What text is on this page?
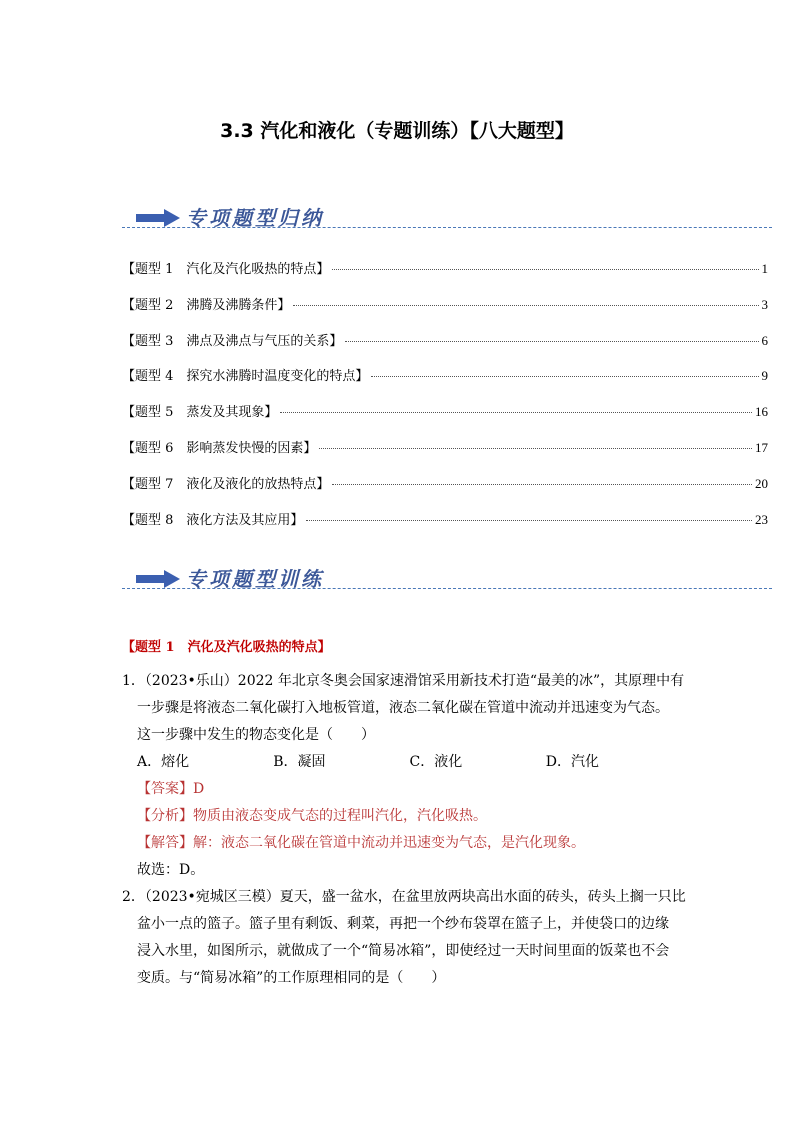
3.3 汽化和液化（专题训练）【八大题型】
专项题型归纳
【题型 1　汽化及汽化吸热的特点】	1
【题型 2　沸腾及沸腾条件】	3
【题型 3　沸点及沸点与气压的关系】	6
【题型 4　探究水沸腾时温度变化的特点】	9
【题型 5　蒸发及其现象】	16
【题型 6　影响蒸发快慢的因素】	17
【题型 7　液化及液化的放热特点】	20
【题型 8　液化方法及其应用】	23
专项题型训练
【题型 1　汽化及汽化吸热的特点】
1．（2023•乐山）2022 年北京冬奥会国家速滑馆采用新技术打造“最美的冰”，其原理中有
一步骤是将液态二氧化碳打入地板管道，液态二氧化碳在管道中流动并迅速变为气态。
这一步骤中发生的物态变化是（　　）
A．熔化	B．凝固	C．液化	D．汽化
【答案】D
【分析】物质由液态变成气态的过程叫汽化，汽化吸热。
【解答】解：液态二氧化碳在管道中流动并迅速变为气态，是汽化现象。
故选：D。
2．（2023•宛城区三模）夏天，盛一盆水，在盆里放两块高出水面的砖头，砖头上搁一只比
盆小一点的篮子。篮子里有剩饭、剩菜，再把一个纱布袋罩在篮子上，并使袋口的边缘
浸入水里，如图所示，就做成了一个“简易冰箱”，即使经过一天时间里面的饭菜也不会
变质。与“简易冰箱”的工作原理相同的是（　　）
